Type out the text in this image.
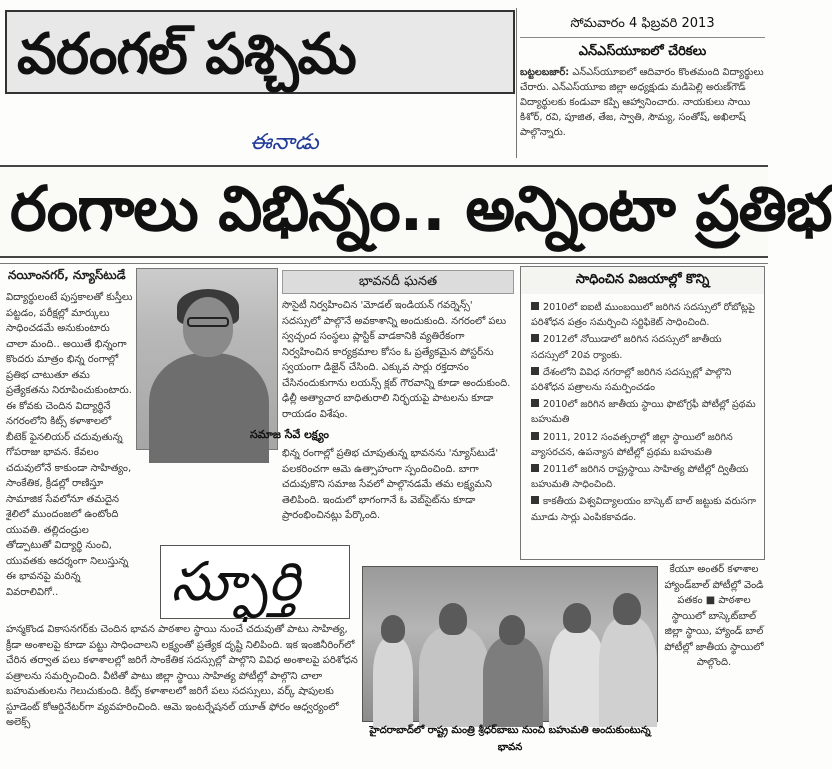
వరంగల్ పశ్చిమ	సోమవారం 4 ఫిబ్రవరి 2013
ఎన్‌ఎస్‌యూఐలో చేరికలు
బట్టలబజార్: ఎన్‌ఎస్‌యూఐలో ఆదివారం కొంతమంది విద్యార్థులు చేరారు. ఎన్‌ఎస్‌యూఐ జిల్లా అధ్యక్షుడు మడిపెల్లి అరుణ్‌గౌడ్ విద్యార్థులకు కండువా కప్పి ఆహ్వానించారు. నాయకులు సాయి కిశోర్, రవి, పూజిత, తేజ, స్వాతి, సౌమ్య, సంతోష్, అఖిలాష్ పాల్గొన్నారు.
ఈనాడు
రంగాలు విభిన్నం.. అన్నింటా ప్రతిభ
నయీంనగర్, న్యూస్‌టుడే
విద్యార్థులంటే పుస్తకాలతో కుస్తీలు పట్టడం, పరీక్షల్లో మార్కులు సాధించడమే అనుకుంటారు చాలా మంది.. అయితే భిన్నంగా కొందరు మాత్రం భిన్న రంగాల్లో ప్రతిభ చాటుతూ తమ ప్రత్యేకతను నిరూపించుకుంటారు. ఈ కోవకు చెందిన విద్యార్థినే నగరంలోని కిట్స్ కళాశాలలో బీటెక్ ఫైనలియర్ చదువుతున్న గోపరాజు భావన. కేవలం చదువులోనే కాకుండా సాహిత్యం, సాంకేతిక, క్రీడల్లో రాణిస్తూ సామాజిక సేవలోనూ తమదైన శైలిలో ముందంజలో ఉంటోంది యువతి. తల్లిదండ్రుల తోడ్పాటుతో విద్యార్థి నుంచి, యువతకు ఆదర్శంగా నిలుస్తున్న ఈ భావనపై మరిన్న వివరాలివిగో..
భావనదీ ఘనత
సొసైటీ నిర్వహించిన 'మోడల్ ఇండియన్ గవర్నెన్స్' సదస్సులో పాల్గొనే అవకాశాన్ని అందుకుంది. నగరంలో పలు స్వచ్ఛంద సంస్థలు ప్లాస్టిక్ వాడకానికి వ్యతిరేకంగా నిర్వహించిన కార్యక్రమాల కోసం ఓ ప్రత్యేకమైన పోస్టర్‌ను స్వయంగా డిజైన్ చేసింది. ఎక్కువ సార్లు రక్తదానం చేసినందుకుగాను లయన్స్ క్లబ్ గౌరవాన్ని కూడా అందుకుంది. ఢిల్లీ అత్యాచార బాధితురాలి నిర్భయపై పాటలను కూడా రాయడం విశేషం.
సమాజ సేవే లక్ష్యం
భిన్న రంగాల్లో ప్రతిభ చూపుతున్న భావనను 'న్యూస్‌టుడే' పలకరించగా ఆమె ఉత్సాహంగా స్పందించింది. బాగా చదువుకొని సమాజ సేవలో పాల్గొనడమే తమ లక్ష్యమని తెలిపింది. ఇందులో భాగంగానే ఓ వెబ్‌సైట్‌ను కూడా ప్రారంభించినట్లు పేర్కొంది.
స్ఫూర్తి
హన్మకొండ వికాసనగర్‌కు చెందిన భావన పాఠశాల స్థాయి నుంచే చదువుతో పాటు సాహిత్య, క్రీడా అంశాలపై కూడా పట్టు సాధించాలని లక్ష్యంతో ప్రత్యేక దృష్టి నిలిపింది. ఇక ఇంజినీరింగ్‌లో చేరిన తర్వాత పలు కళాశాలల్లో జరిగే సాంకేతిక సదస్సుల్లో పాల్గొని వివిధ అంశాలపై పరిశోధన పత్రాలను సమర్పించింది. వీటితో పాటు జిల్లా స్థాయి సాహిత్య పోటీల్లో పాల్గొని చాలా బహుమతులను గెలుచుకుంది. కిట్స్ కళాశాలలో జరిగే పలు సదస్సులు, వర్క్ షాపులకు స్టూడెంట్ కోఆర్డినేటర్‌గా వ్యవహరించింది. ఆమె ఇంటర్నేషనల్ యూత్ ఫోరం ఆధ్వర్యంలో అలెక్స్
సాధించిన విజయాల్లో కొన్ని
2010లో ఐఐటీ ముంబయిలో జరిగిన సదస్సులో రోబోట్లపై పరిశోధన పత్రం సమర్పించి సర్టిఫికెట్ సాధించింది.
2012లో నోయిడాలో జరిగిన సదస్సులో జాతీయ సదస్సులో 20వ ర్యాంకు.
దేశంలోని వివిధ నగరాల్లో జరిగిన సదస్సుల్లో పాల్గొని పరిశోధన పత్రాలను సమర్పించడం
2010లో జరిగిన జాతీయ స్థాయి ఫొటోగ్రఫీ పోటీల్లో ప్రథమ బహుమతి
2011, 2012 సంవత్సరాల్లో జిల్లా స్థాయిలో జరిగిన వ్యాసరచన, ఉపన్యాస పోటీల్లో ప్రథమ బహుమతి
2011లో జరిగిన రాష్ట్రస్థాయి సాహిత్య పోటీల్లో ద్వితీయ బహుమతి సాధించింది.
కాకతీయ విశ్వవిద్యాలయం బాస్కెట్ బాల్ జట్టుకు వరుసగా మూడు సార్లు ఎంపికకావడం.
హైదరాబాద్‌లో రాష్ట్ర మంత్రి శ్రీధర్‌బాబు నుంచి బహుమతి అందుకుంటున్న భావన
కేయూ అంతర్ కళాశాల హ్యాండ్‌బాల్ పోటీల్లో వెండి పతకం ■ పాఠశాల స్థాయిలో బాస్కెట్‌బాల్ జిల్లా స్థాయి, హ్యాండ్ బాల్ పోటీల్లో జాతీయ స్థాయిలో పాల్గొంది.
